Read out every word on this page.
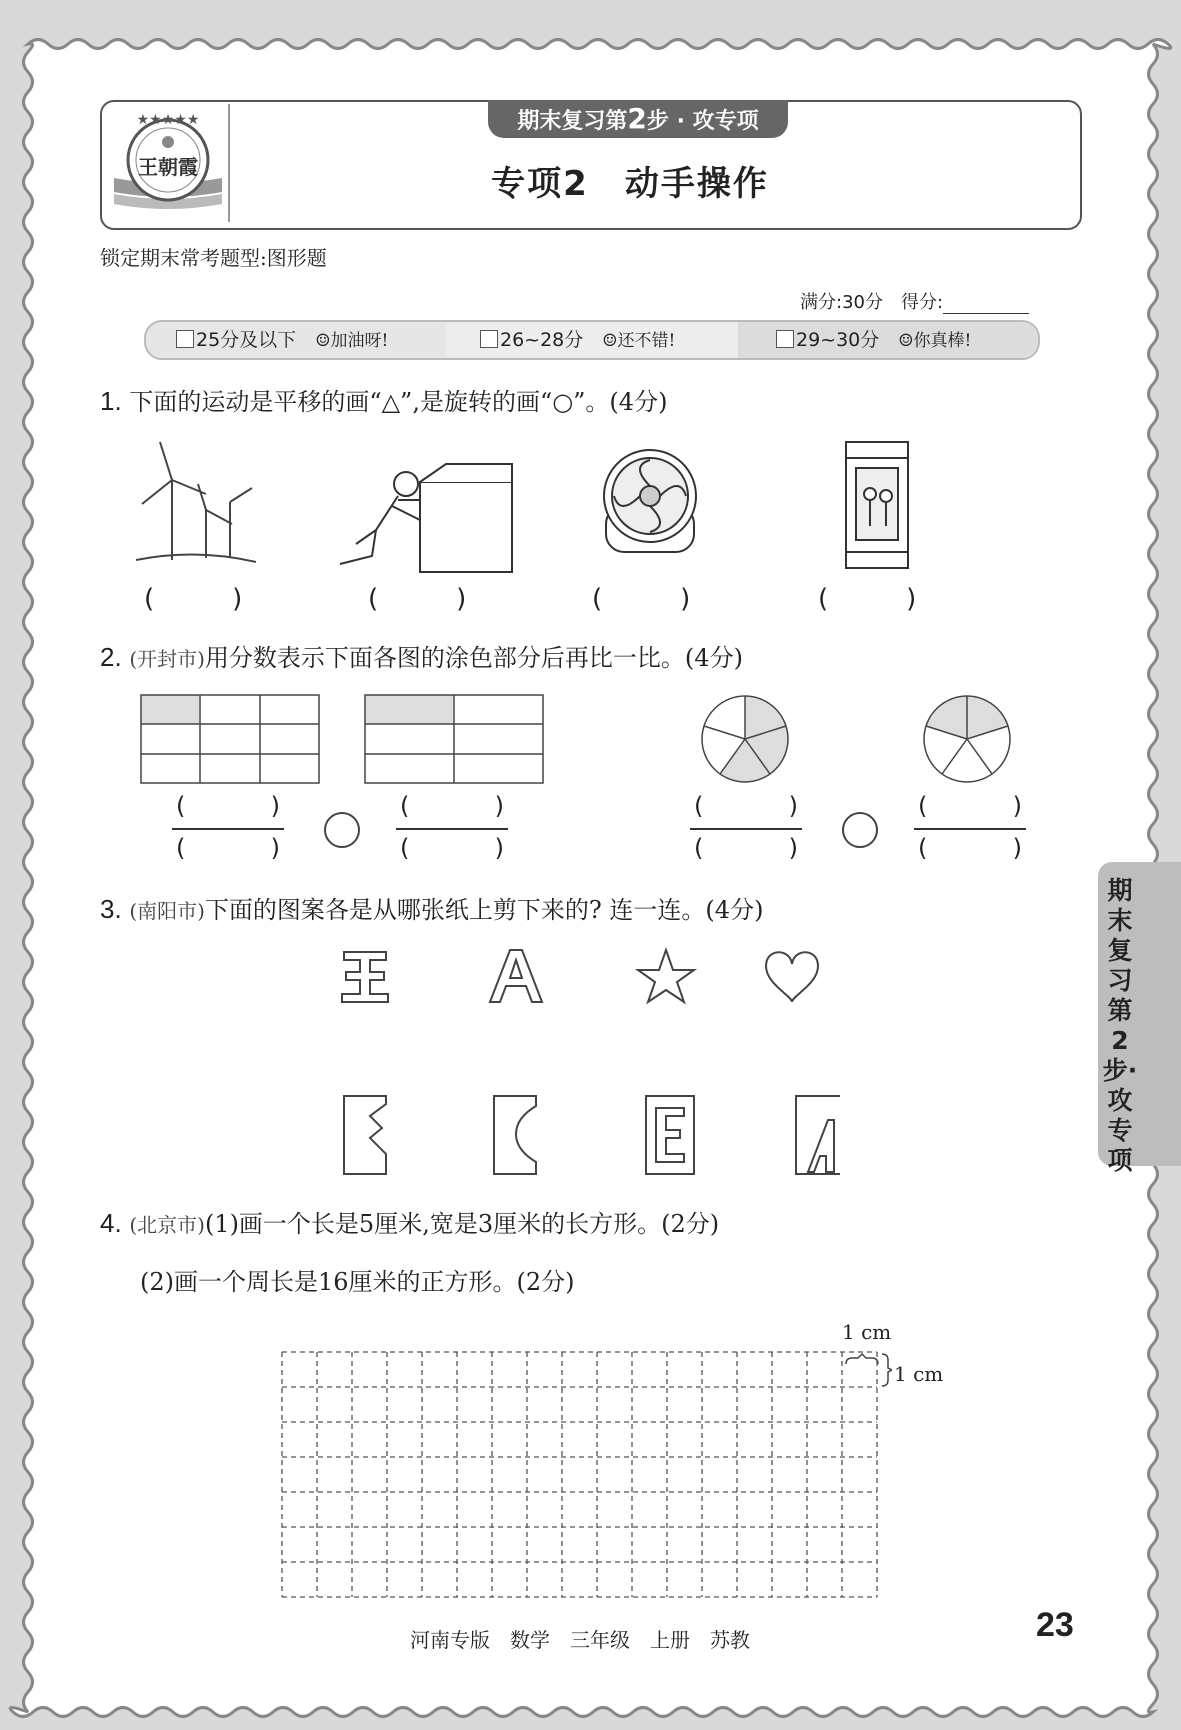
★★★★★
王朝霞
期末复习第2步 · 攻专项
专项2　动手操作
锁定期末常考题型:图形题
满分:30分　 得分:
25分及以下　 ☺加油呀!	26~28分　 ☺还不错!	29~30分　 ☺你真棒!
1. 下面的运动是平移的画“△”,是旋转的画“○”。(4分)
(　　　)	(　　　)	(　　　)	(　　　)
2. (开封市)用分数表示下面各图的涂色部分后再比一比。(4分)
(	)
(	)
(	)
(	)
(	)
(	)
(	)
(	)
3. (南阳市)下面的图案各是从哪张纸上剪下来的? 连一连。(4分)
4. (北京市)(1)画一个长是5厘米,宽是3厘米的长方形。(2分)
(2)画一个周长是16厘米的正方形。(2分)
1 cm
1 cm
期末复习第2步·攻专项
河南专版　数学　三年级　上册　苏教	23
